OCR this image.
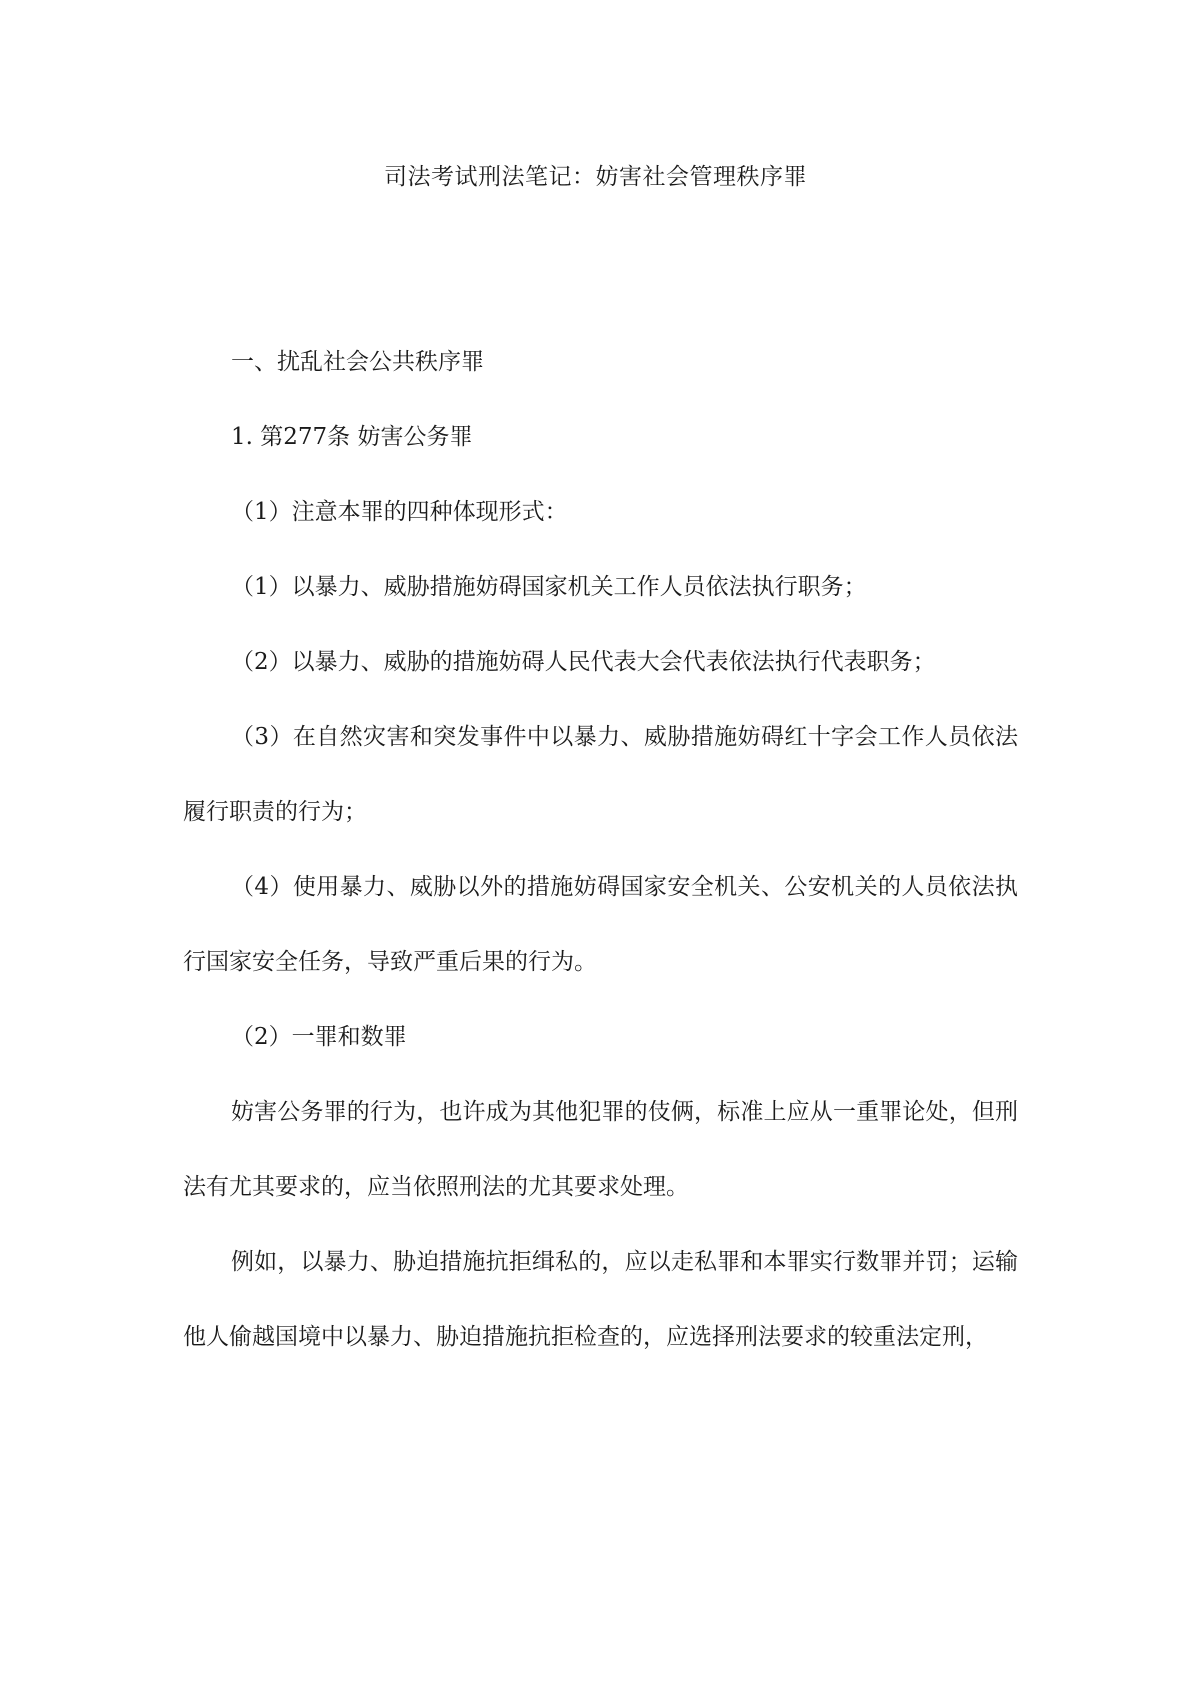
司法考试刑法笔记：妨害社会管理秩序罪

一、扰乱社会公共秩序罪

1. 第277条 妨害公务罪

（1）注意本罪的四种体现形式：

（1）以暴力、威胁措施妨碍国家机关工作人员依法执行职务；

（2）以暴力、威胁的措施妨碍人民代表大会代表依法执行代表职务；

（3）在自然灾害和突发事件中以暴力、威胁措施妨碍红十字会工作人员依法履行职责的行为；

（4）使用暴力、威胁以外的措施妨碍国家安全机关、公安机关的人员依法执行国家安全任务，导致严重后果的行为。

（2）一罪和数罪

妨害公务罪的行为，也许成为其他犯罪的伎俩，标准上应从一重罪论处，但刑法有尤其要求的，应当依照刑法的尤其要求处理。

例如，以暴力、胁迫措施抗拒缉私的，应以走私罪和本罪实行数罪并罚；运输他人偷越国境中以暴力、胁迫措施抗拒检查的，应选择刑法要求的较重法定刑，
